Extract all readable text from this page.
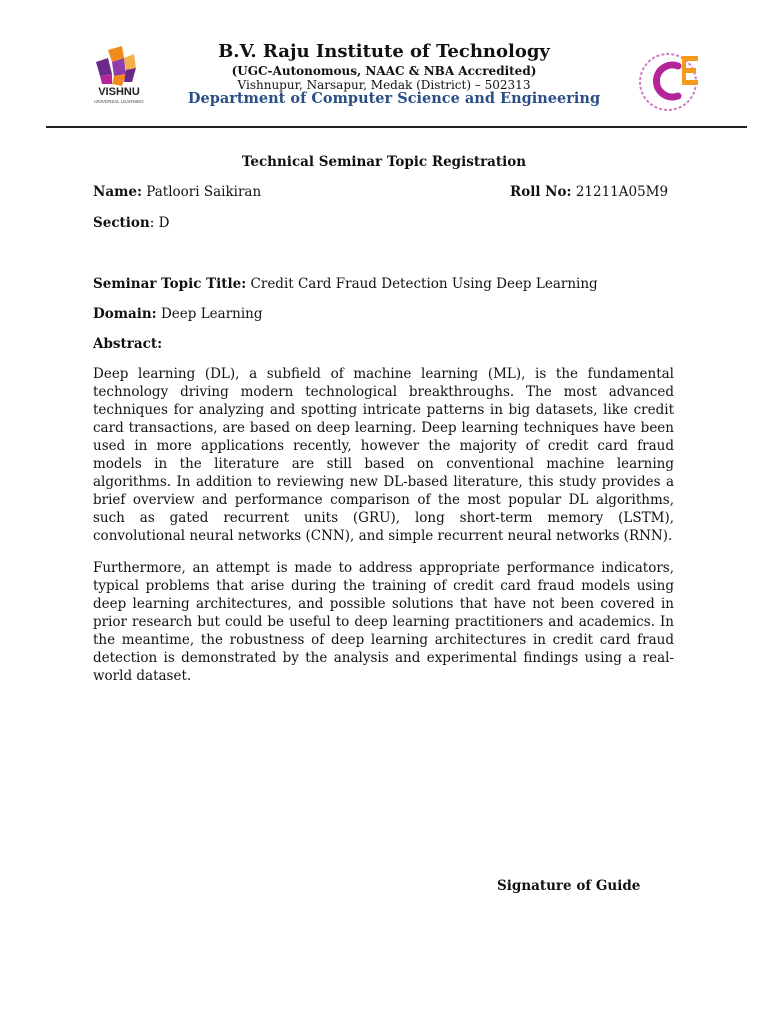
VISHNU
UNIVERSAL LEARNING
B.V. Raju Institute of Technology
(UGC-Autonomous, NAAC & NBA Accredited)
Vishnupur, Narsapur, Medak (District) – 502313
Department of Computer Science and Engineering
Technical Seminar Topic Registration
Name: Patloori Saikiran	Roll No: 21211A05M9
Section: D
Seminar Topic Title: Credit Card Fraud Detection Using Deep Learning
Domain: Deep Learning
Abstract:
Deep learning (DL), a subfield of machine learning (ML), is the fundamental technology driving modern technological breakthroughs. The most advanced techniques for analyzing and spotting intricate patterns in big datasets, like credit card transactions, are based on deep learning. Deep learning techniques have been used in more applications recently, however the majority of credit card fraud models in the literature are still based on conventional machine learning algorithms. In addition to reviewing new DL-based literature, this study provides a brief overview and performance comparison of the most popular DL algorithms, such as gated recurrent units (GRU), long short-term memory (LSTM), convolutional neural networks (CNN), and simple recurrent neural networks (RNN).
Furthermore, an attempt is made to address appropriate performance indicators, typical problems that arise during the training of credit card fraud models using deep learning architectures, and possible solutions that have not been covered in prior research but could be useful to deep learning practitioners and academics. In the meantime, the robustness of deep learning architectures in credit card fraud detection is demonstrated by the analysis and experimental findings using a real-world dataset.
Signature of Guide
